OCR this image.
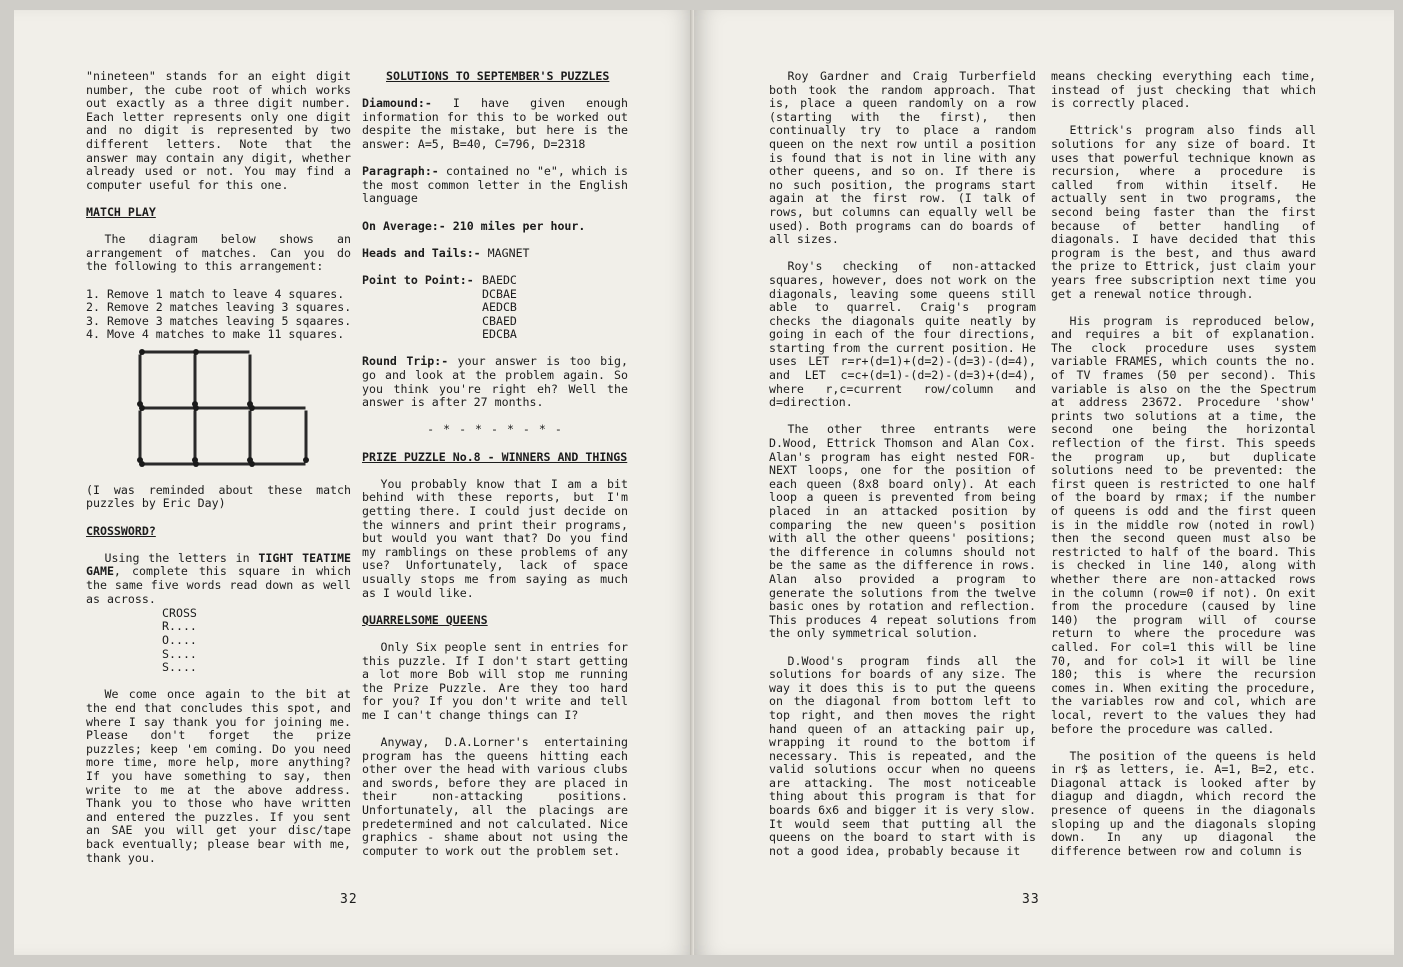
"nineteen" stands for an eight digit number, the cube root of which works out exactly as a three digit number. Each letter represents only one digit and no digit is represented by two different letters. Note that the answer may contain any digit, whether already used or not. You may find a computer useful for this one.

MATCH PLAY

The diagram below shows an arrangement of matches. Can you do the following to this arrangement:

1. Remove 1 match to leave 4 squares.

2. Remove 2 matches leaving 3 squares.

3. Remove 3 matches leaving 5 sqaares.

4. Move 4 matches to make 11 squares.

(I was reminded about these match puzzles by Eric Day)

CROSSWORD?

Using the letters in TIGHT TEATIME GAME, complete this square in which the same five words read down as well as across.

CROSS

R....

O....

S....

S....

We come once again to the bit at the end that concludes this spot, and where I say thank you for joining me. Please don't forget the prize puzzles; keep 'em coming. Do you need more time, more help, more anything? If you have something to say, then write to me at the above address. Thank you to those who have written and entered the puzzles. If you sent an SAE you will get your disc/tape back eventually; please bear with me, thank you.

SOLUTIONS TO SEPTEMBER'S PUZZLES

Diamound:- I have given enough information for this to be worked out despite the mistake, but here is the answer: A=5, B=40, C=796, D=2318

Paragraph:- contained no "e", which is the most common letter in the English language

On Average:- 210 miles per hour.

Heads and Tails:- MAGNET

Point to Point:- BAEDC

DCBAE

AEDCB

CBAED

EDCBA

Round Trip:- your answer is too big, go and look at the problem again. So you think you're right eh? Well the answer is after 27 months.

- * - * - * - * -

PRIZE PUZZLE No.8 - WINNERS AND THINGS

You probably know that I am a bit behind with these reports, but I'm getting there. I could just decide on the winners and print their programs, but would you want that? Do you find my ramblings on these problems of any use? Unfortunately, lack of space usually stops me from saying as much as I would like.

QUARRELSOME QUEENS

Only Six people sent in entries for this puzzle. If I don't start getting a lot more Bob will stop me running the Prize Puzzle. Are they too hard for you? If you don't write and tell me I can't change things can I?

Anyway, D.A.Lorner's entertaining program has the queens hitting each other over the head with various clubs and swords, before they are placed in their non-attacking positions. Unfortunately, all the placings are predetermined and not calculated. Nice graphics - shame about not using the computer to work out the problem set.

32

Roy Gardner and Craig Turberfield both took the random approach. That is, place a queen randomly on a row (starting with the first), then continually try to place a random queen on the next row until a position is found that is not in line with any other queens, and so on. If there is no such position, the programs start again at the first row. (I talk of rows, but columns can equally well be used). Both programs can do boards of all sizes.

Roy's checking of non-attacked squares, however, does not work on the diagonals, leaving some queens still able to quarrel. Craig's program checks the diagonals quite neatly by going in each of the four directions, starting from the current position. He uses LET r=r+(d=1)+(d=2)-(d=3)-(d=4), and LET c=c+(d=1)-(d=2)-(d=3)+(d=4), where r,c=current row/column and d=direction.

The other three entrants were D.Wood, Ettrick Thomson and Alan Cox. Alan's program has eight nested FOR-NEXT loops, one for the position of each queen (8x8 board only). At each loop a queen is prevented from being placed in an attacked position by comparing the new queen's position with all the other queens' positions; the difference in columns should not be the same as the difference in rows. Alan also provided a program to generate the solutions from the twelve basic ones by rotation and reflection. This produces 4 repeat solutions from the only symmetrical solution.

D.Wood's program finds all the solutions for boards of any size. The way it does this is to put the queens on the diagonal from bottom left to top right, and then moves the right hand queen of an attacking pair up, wrapping it round to the bottom if necessary. This is repeated, and the valid solutions occur when no queens are attacking. The most noticeable thing about this program is that for boards 6x6 and bigger it is very slow. It would seem that putting all the queens on the board to start with is not a good idea, probably because it

means checking everything each time, instead of just checking that which is correctly placed.

Ettrick's program also finds all solutions for any size of board. It uses that powerful technique known as recursion, where a procedure is called from within itself. He actually sent in two programs, the second being faster than the first because of better handling of diagonals. I have decided that this program is the best, and thus award the prize to Ettrick, just claim your years free subscription next time you get a renewal notice through.

His program is reproduced below, and requires a bit of explanation. The clock procedure uses system variable FRAMES, which counts the no. of TV frames (50 per second). This variable is also on the the Spectrum at address 23672. Procedure 'show' prints two solutions at a time, the second one being the horizontal reflection of the first. This speeds the program up, but duplicate solutions need to be prevented: the first queen is restricted to one half of the board by rmax; if the number of queens is odd and the first queen is in the middle row (noted in rowl) then the second queen must also be restricted to half of the board. This is checked in line 140, along with whether there are non-attacked rows in the column (row=0 if not). On exit from the procedure (caused by line 140) the program will of course return to where the procedure was called. For col=1 this will be line 70, and for col>1 it will be line 180; this is where the recursion comes in. When exiting the procedure, the variables row and col, which are local, revert to the values they had before the procedure was called.

The position of the queens is held in r$ as letters, ie. A=1, B=2, etc. Diagonal attack is looked after by diagup and diagdn, which record the presence of queens in the diagonals sloping up and the diagonals sloping down. In any up diagonal the difference between row and column is

33
